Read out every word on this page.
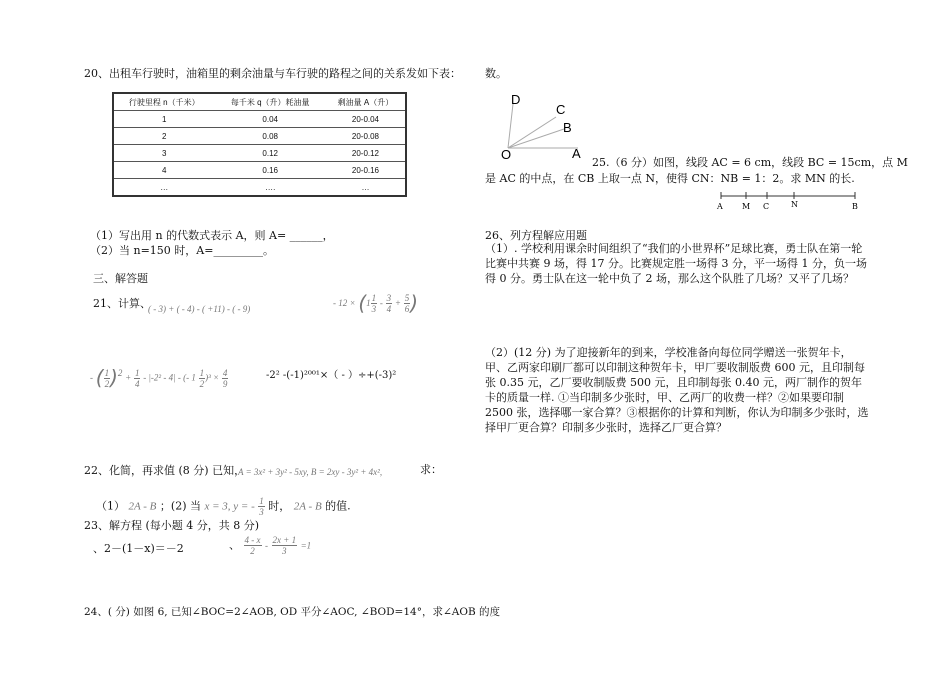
20、出租车行驶时，油箱里的剩余油量与车行驶的路程之间的关系发如下表：
行驶里程 n（千米）	每千米 q（升）耗油量	剩油量 A（升）
1	0.04	20-0.04
2	0.08	20-0.08
3	0.12	20-0.12
4	0.16	20-0.16
…	….	…
（1）写出用 n 的代数式表示 A，则 A= ______，
（2）当 n=150 时，A=_________。
三、解答题
21、计算、
( - 3) + ( - 4) - ( +11) - ( - 9)
- $12 \times (1 \frac{1}{3} - \frac{3}{4} + \frac{5}{6}$ )
- ( $\frac{1}{2} )^2 + \frac{1}{4} - |-2^2 - 4|$ - (- $1 \frac{1}{2} )^3 \times \frac{4}{9}$	-2² -(-1)²⁰⁰¹×（ - ）÷+(-3)²
22、化简，再求值 (8 分) 已知，
A = 3x² + 3y² - 5xy, B = 2xy - 3y² + 4x²,	求：
（1） 2A - B ；(2) 当 x = 3, y = - $\frac{1}{3}$ 时， 2A - B 的值.
23、解方程 (每小题 4 分，共 8 分)
、2－(1－x)＝－2	、 $\frac{4 - x}{2} - \frac{2x + 1}{3} =1$
24、( 分) 如图 6, 已知∠BOC=2∠AOB, OD 平分∠AOC, ∠BOD=14°，求∠AOB 的度
数。
D
C
B
O	A
25.（6 分）如图，线段 AC = 6 cm，线段 BC = 15cm，点 M
是 AC 的中点，在 CB 上取一点 N，使得 CN：NB = 1：2。求 MN 的长.
A M C	N	B
26、列方程解应用题
（1）. 学校利用课余时间组织了“我们的小世界杯”足球比赛，勇士队在第一轮比赛中共赛 9 场，得 17 分。比赛规定胜一场得 3 分，平一场得 1 分，负一场得 0 分。勇士队在这一轮中负了 2 场，那么这个队胜了几场？又平了几场？
（2）(12 分) 为了迎接新年的到来，学校准备向每位同学赠送一张贺年卡，甲、乙两家印刷厂都可以印制这种贺年卡，甲厂要收制版费 600 元，且印制每张 0.35 元，乙厂要收制版费 500 元，且印制每张 0.40 元，两厂制作的贺年卡的质量一样. ①当印制多少张时，甲、乙两厂的收费一样？②如果要印制 2500 张，选择哪一家合算？③根据你的计算和判断，你认为印制多少张时，选择甲厂更合算？印制多少张时，选择乙厂更合算？
